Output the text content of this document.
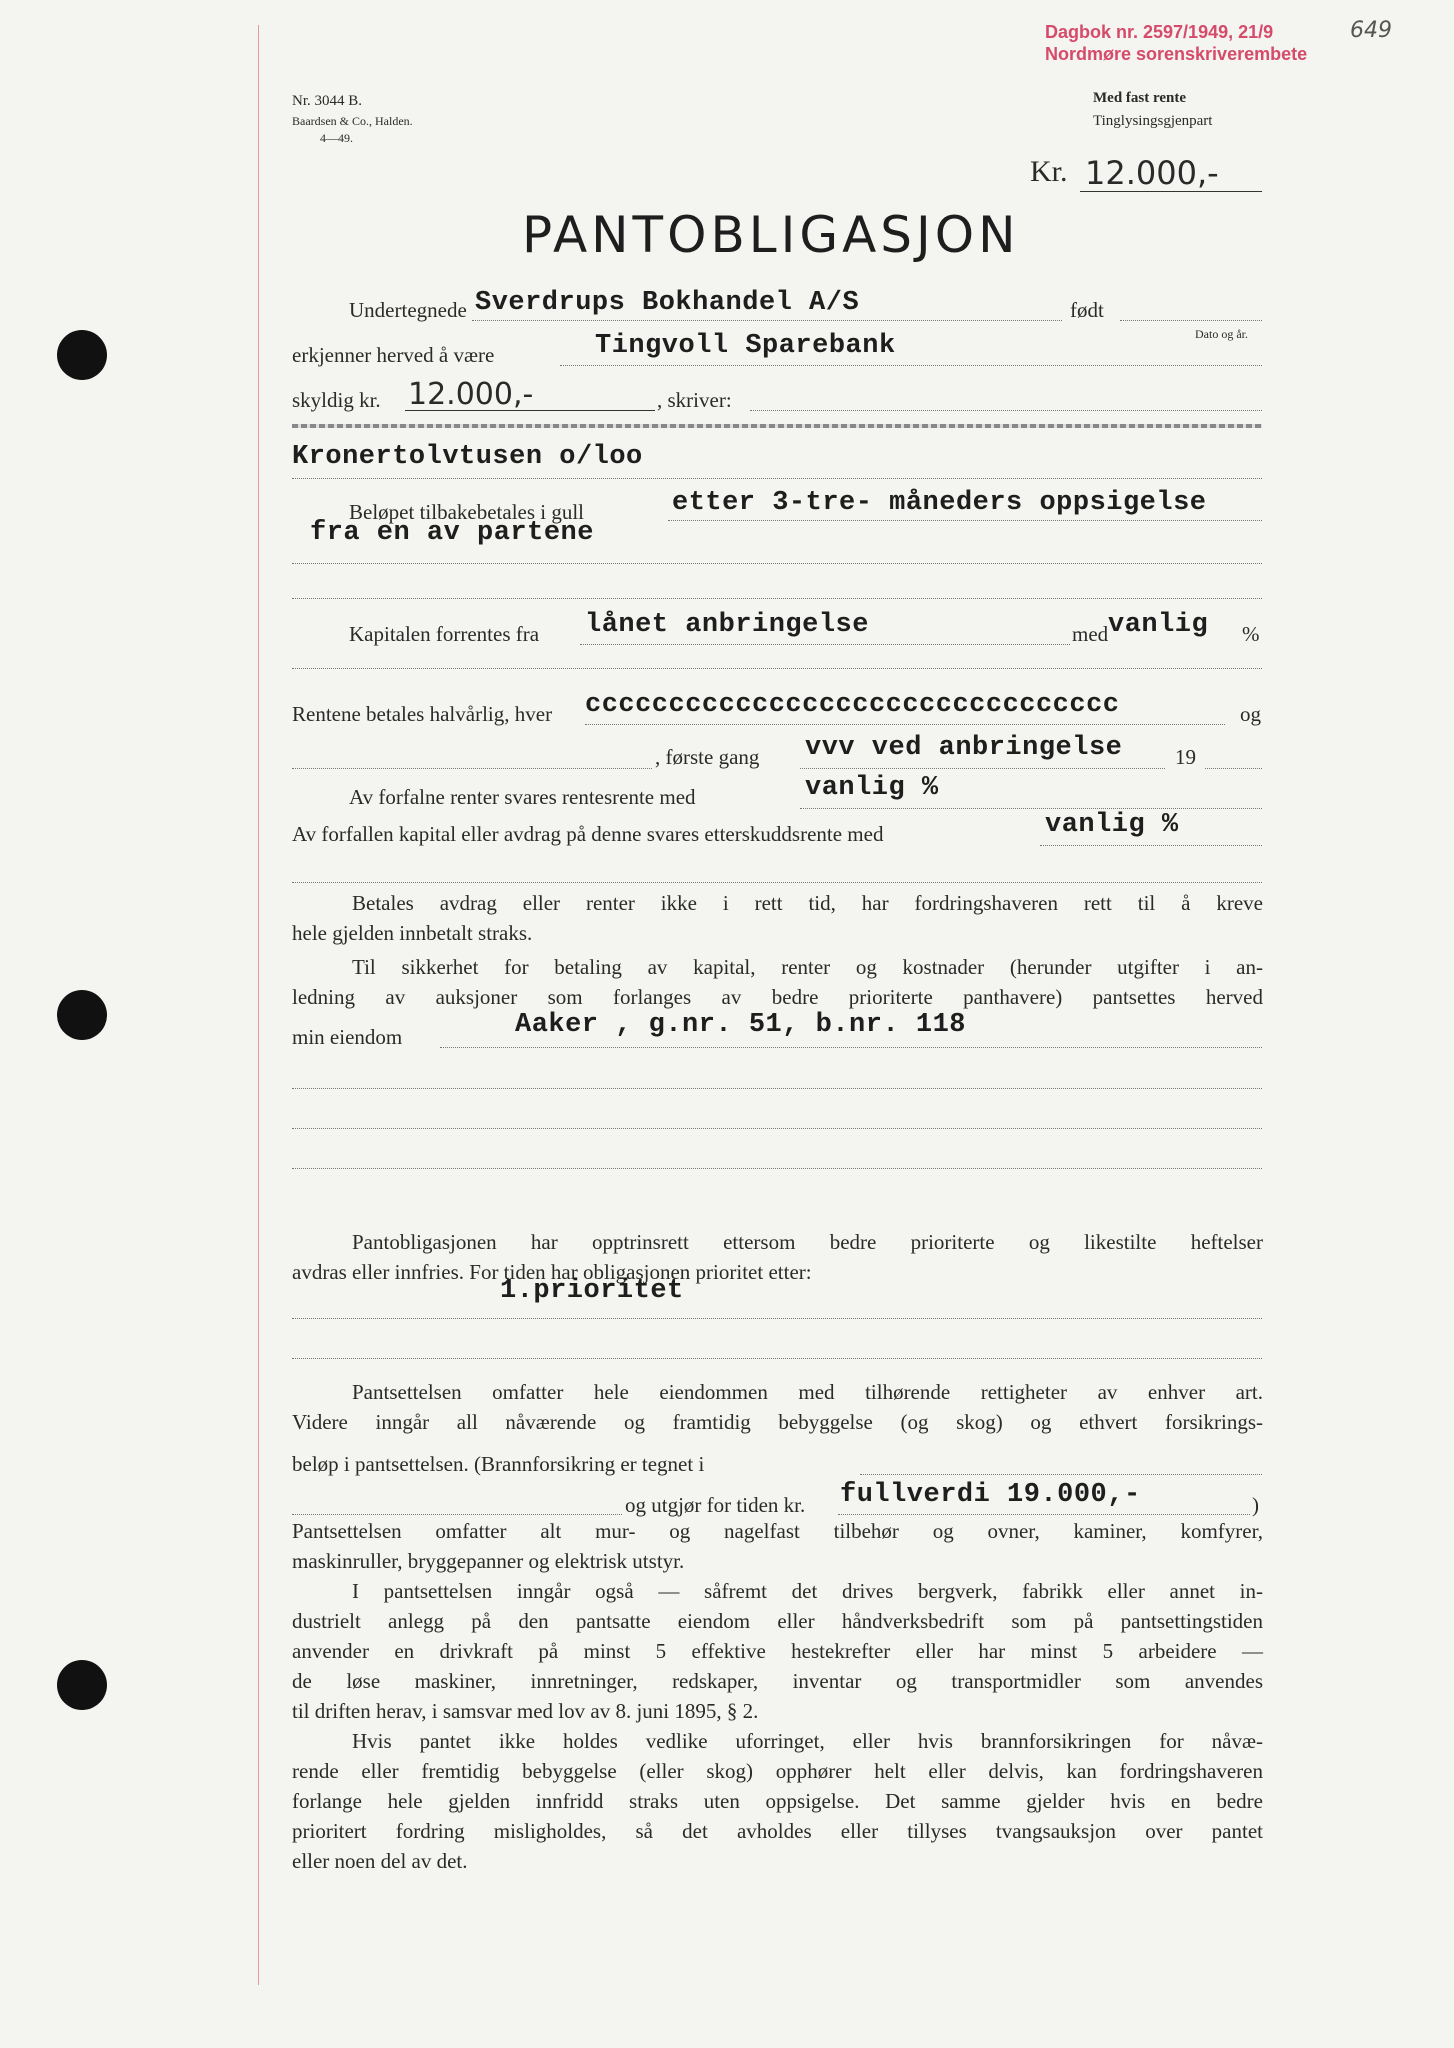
Dagbok nr. 2597/1949, 21/9
Nordmøre sorenskriverembete
649
Nr. 3044 B.
Baardsen & Co., Halden.
4—49.
Med fast rente
Tinglysingsgjenpart
Kr. 12.000,-
PANTOBLIGASJON
Undertegnede Sverdrups Bokhandel A/S	født
Dato og år.
erkjenner herved å være	Tingvoll Sparebank
skyldig kr. 12.000,-	, skriver:
Kronertolvtusen o/loo
Beløpet tilbakebetales i gull	etter 3-tre- måneders oppsigelse
fra en av partene
Kapitalen forrentes fra lånet anbringelse	med vanlig %
Rentene betales halvårlig, hver cccccccccccccccccccccccccccccccc	og
, første gang vvv ved anbringelse	19
Av forfalne renter svares rentesrente med	vanlig %
Av forfallen kapital eller avdrag på denne svares etterskuddsrente med	vanlig %
Betales avdrag eller renter ikke i rett tid, har fordringshaveren rett til å kreve
hele gjelden innbetalt straks.
Til sikkerhet for betaling av kapital, renter og kostnader (herunder utgifter i an-
ledning av auksjoner som forlanges av bedre prioriterte panthavere) pantsettes herved
min eiendom	Aaker , g.nr. 51, b.nr. 118
Pantobligasjonen har opptrinsrett ettersom bedre prioriterte og likestilte heftelser
avdras eller innfries. For tiden har obligasjonen prioritet etter:
1.prioritet
Pantsettelsen omfatter hele eiendommen med tilhørende rettigheter av enhver art.
Videre inngår all nåværende og framtidig bebyggelse (og skog) og ethvert forsikrings-
beløp i pantsettelsen. (Brannforsikring er tegnet i
og utgjør for tiden kr. fullverdi 19.000,-	)
Pantsettelsen omfatter alt mur- og nagelfast tilbehør og ovner, kaminer, komfyrer,
maskinruller, bryggepanner og elektrisk utstyr.
I pantsettelsen inngår også — såfremt det drives bergverk, fabrikk eller annet in-
dustrielt anlegg på den pantsatte eiendom eller håndverksbedrift som på pantsettingstiden
anvender en drivkraft på minst 5 effektive hestekrefter eller har minst 5 arbeidere —
de løse maskiner, innretninger, redskaper, inventar og transportmidler som anvendes
til driften herav, i samsvar med lov av 8. juni 1895, § 2.
Hvis pantet ikke holdes vedlike uforringet, eller hvis brannforsikringen for nåvæ-
rende eller fremtidig bebyggelse (eller skog) opphører helt eller delvis, kan fordringshaveren
forlange hele gjelden innfridd straks uten oppsigelse. Det samme gjelder hvis en bedre
prioritert fordring misligholdes, så det avholdes eller tillyses tvangsauksjon over pantet
eller noen del av det.
